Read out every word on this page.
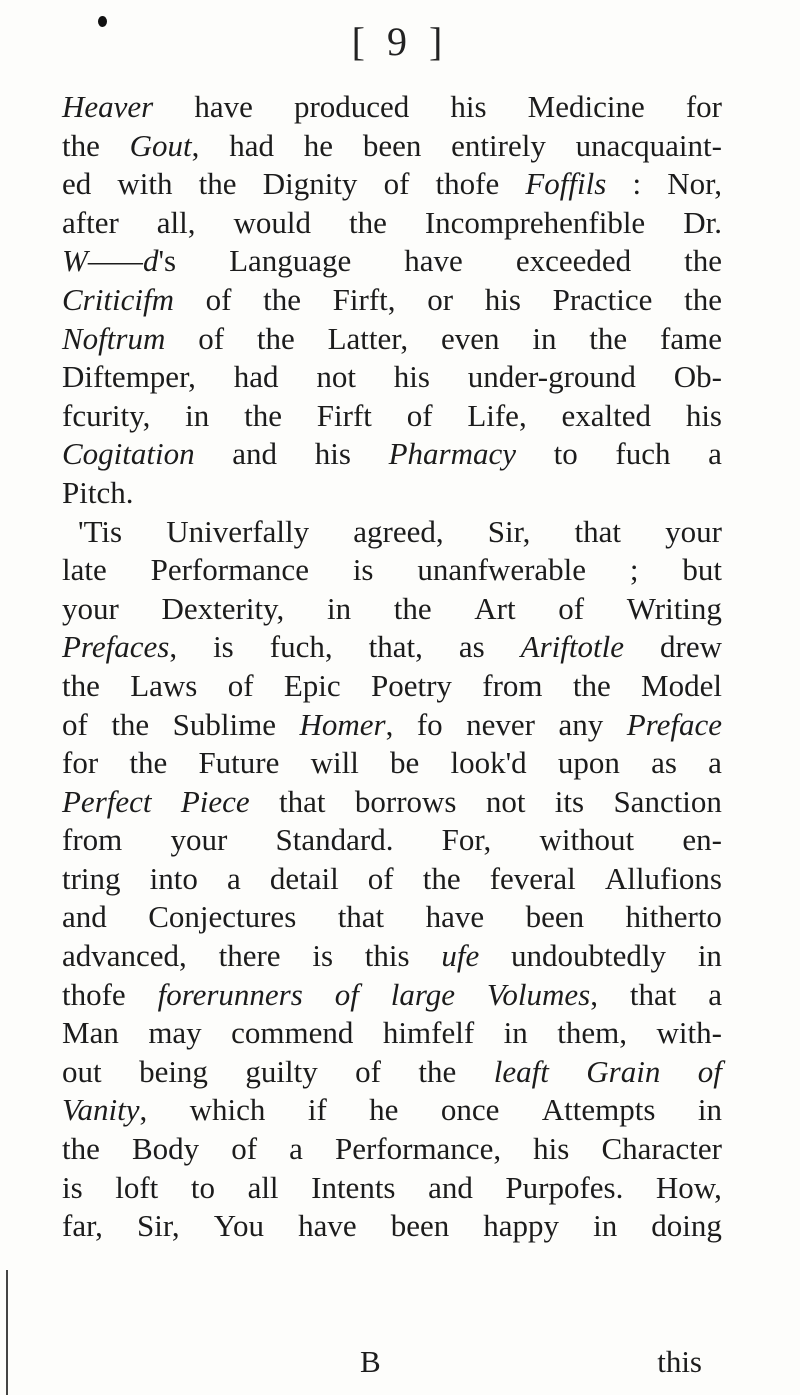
[ 9 ]
Heaver have produced his Medicine for
the Gout, had he been entirely unacquaint-
ed with the Dignity of thofe Foffils : Nor,
after all, would the Incomprehenfible Dr.
W——d's Language have exceeded the
Criticifm of the Firft, or his Practice the
Noftrum of the Latter, even in the fame
Diftemper, had not his under-ground Ob-
fcurity, in the Firft of Life, exalted his
Cogitation and his Pharmacy to fuch a
Pitch.
'Tis Univerfally agreed, Sir, that your
late Performance is unanfwerable ; but
your Dexterity, in the Art of Writing
Prefaces, is fuch, that, as Ariftotle drew
the Laws of Epic Poetry from the Model
of the Sublime Homer, fo never any Preface
for the Future will be look'd upon as a
Perfect Piece that borrows not its Sanction
from your Standard. For, without en-
tring into a detail of the feveral Allufions
and Conjectures that have been hitherto
advanced, there is this ufe undoubtedly in
thofe forerunners of large Volumes, that a
Man may commend himfelf in them, with-
out being guilty of the leaft Grain of
Vanity, which if he once Attempts in
the Body of a Performance, his Character
is loft to all Intents and Purpofes. How,
far, Sir, You have been happy in doing
B	this
